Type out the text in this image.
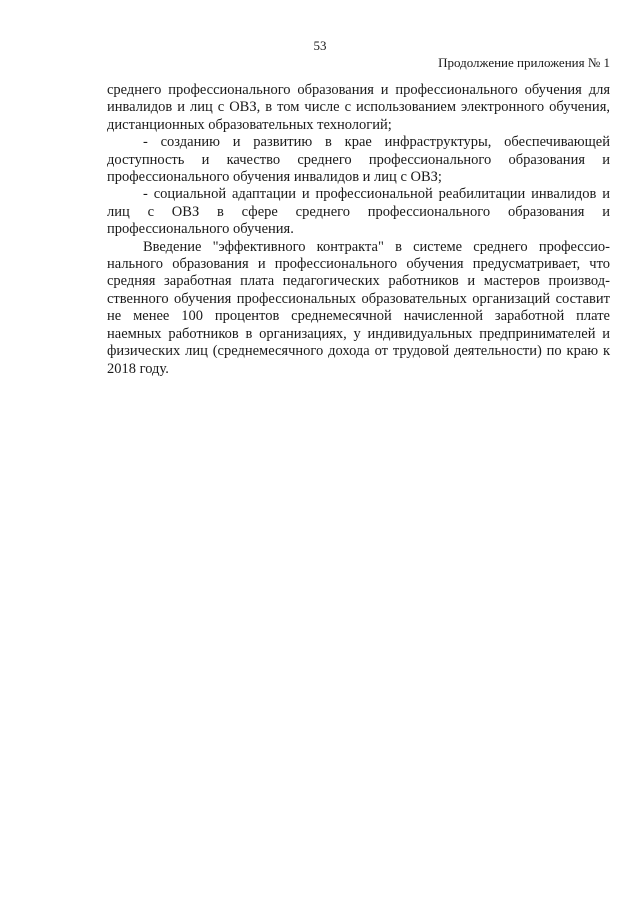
53
Продолжение приложения № 1

среднего профессионального образования и профессионального обучения для инвалидов и лиц с ОВЗ, в том числе с использованием электронного обучения, дистанционных образовательных технологий;

- созданию и развитию в крае инфраструктуры, обеспечивающей доступность и качество среднего профессионального образования и профессионального обучения инвалидов и лиц с ОВЗ;

- социальной адаптации и профессиональной реабилитации инвалидов и лиц с ОВЗ в сфере среднего профессионального образования и профессионального обучения.

Введение "эффективного контракта" в системе среднего профессионального образования и профессионального обучения предусматривает, что средняя заработная плата педагогических работников и мастеров производственного обучения профессиональных образовательных организаций составит не менее 100 процентов среднемесячной начисленной заработной плате наемных работников в организациях, у индивидуальных предпринимателей и физических лиц (среднемесячного дохода от трудовой деятельности) по краю к 2018 году.
